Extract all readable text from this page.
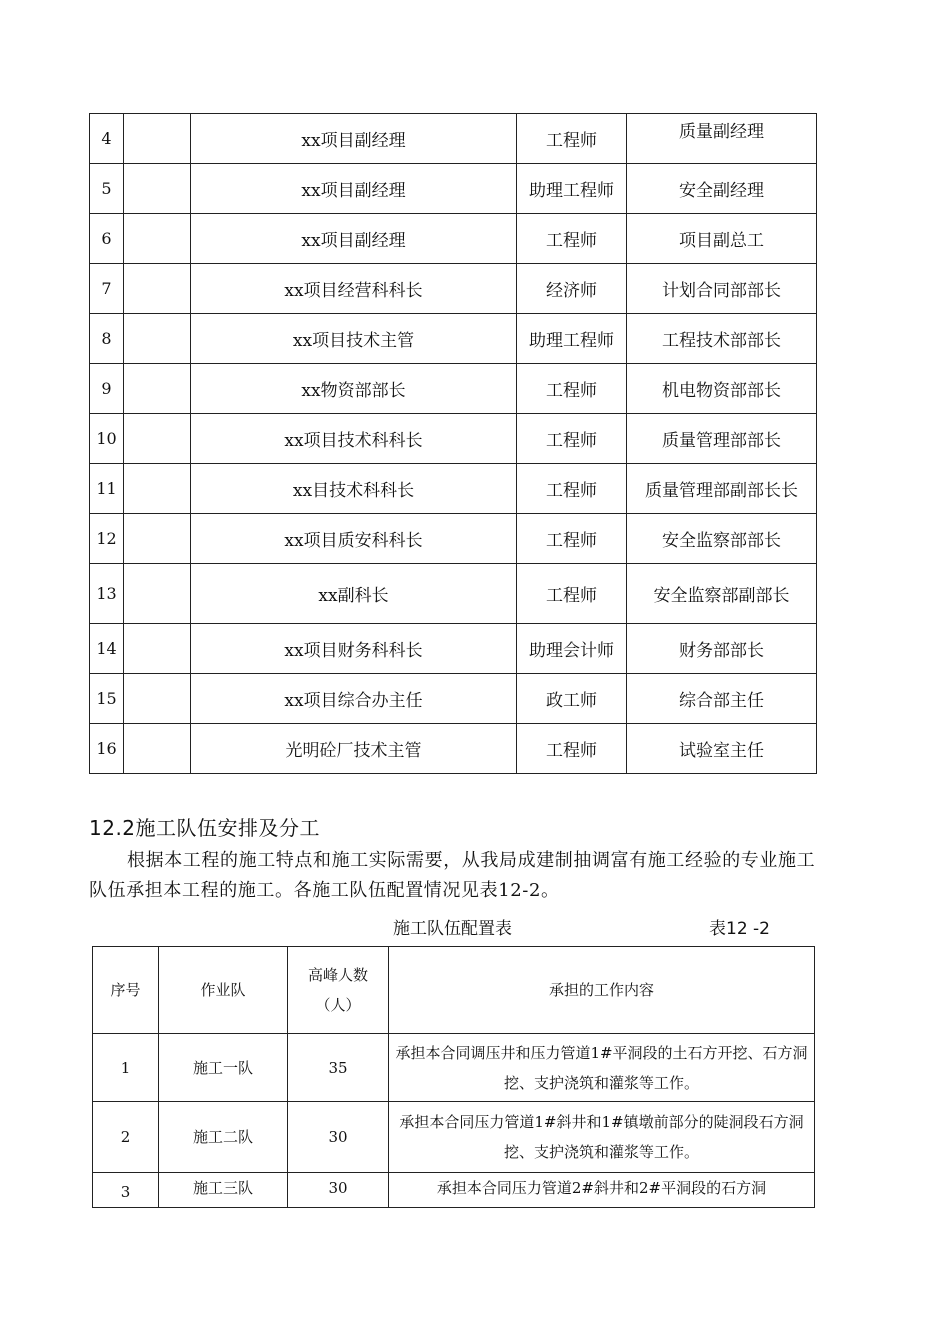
4		xx项目副经理	工程师	质量副经理
5		xx项目副经理	助理工程师	安全副经理
6		xx项目副经理	工程师	项目副总工
7		xx项目经营科科长	经济师	计划合同部部长
8		xx项目技术主管	助理工程师	工程技术部部长
9		xx物资部部长	工程师	机电物资部部长
10		xx项目技术科科长	工程师	质量管理部部长
11		xx目技术科科长	工程师	质量管理部副部长长
12		xx项目质安科科长	工程师	安全监察部部长
13		xx副科长	工程师	安全监察部副部长
14		xx项目财务科科长	助理会计师	财务部部长
15		xx项目综合办主任	政工师	综合部主任
16		光明砼厂技术主管	工程师	试验室主任
12.2施工队伍安排及分工

根据本工程的施工特点和施工实际需要，从我局成建制抽调富有施工经验的专业施工队伍承担本工程的施工。各施工队伍配置情况见表12-2。

施工队伍配置表	表12 -2
序号	作业队	高峰人数（人）	承担的工作内容
1	施工一队	35	承担本合同调压井和压力管道1#平洞段的土石方开挖、石方洞挖、支护浇筑和灌浆等工作。
2	施工二队	30	承担本合同压力管道1#斜井和1#镇墩前部分的陡洞段石方洞挖、支护浇筑和灌浆等工作。
3	施工三队	30	承担本合同压力管道2#斜井和2#平洞段的石方洞
